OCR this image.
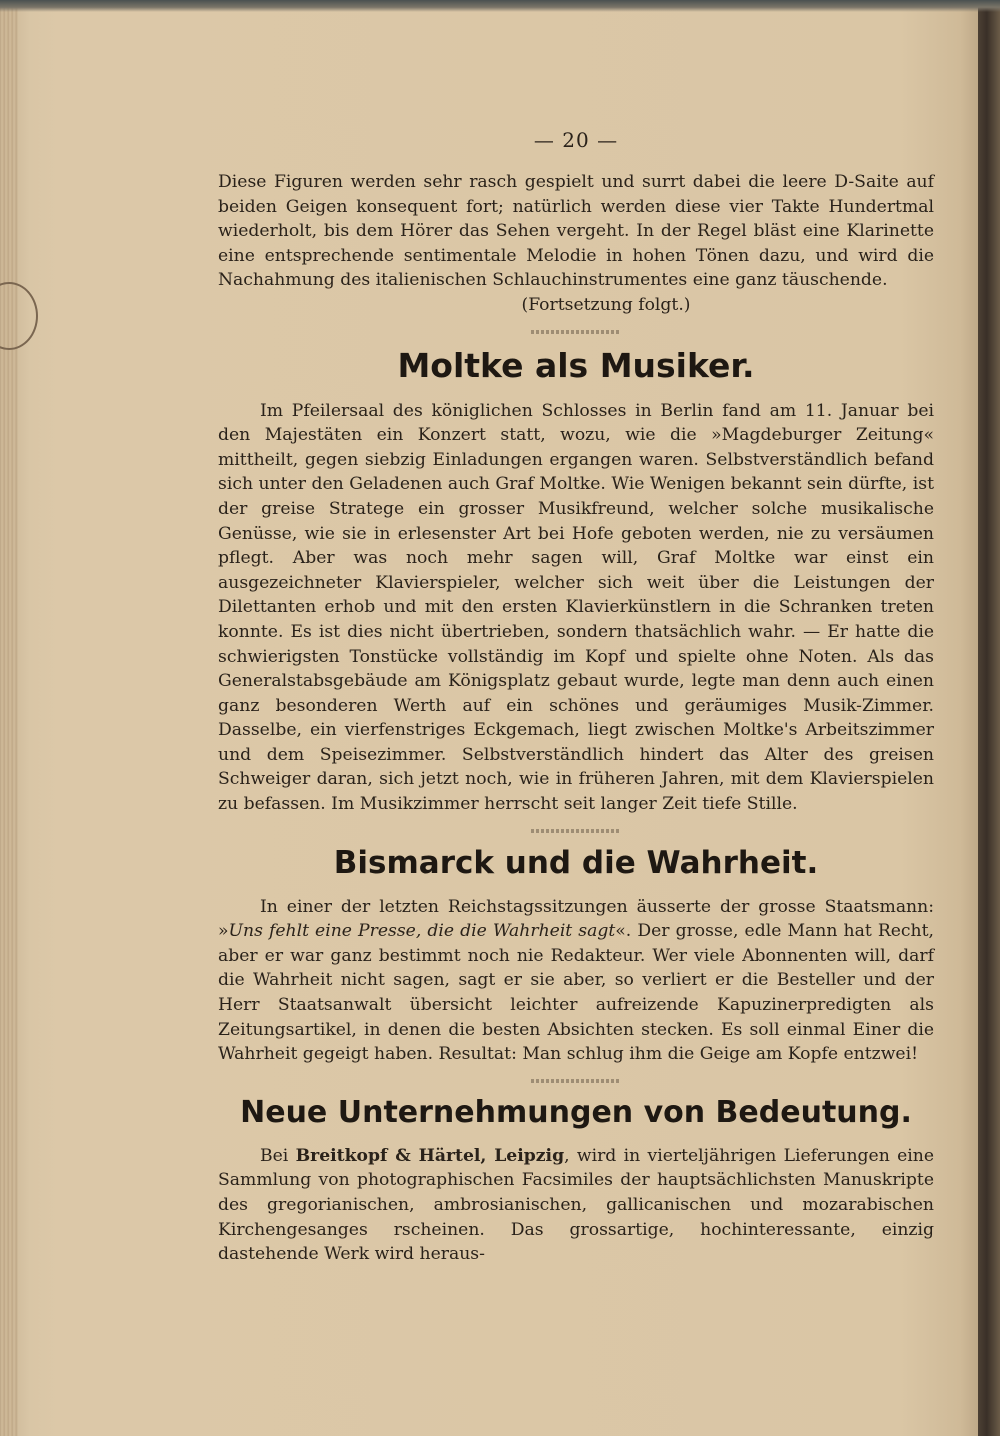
— 20 —

Diese Figuren werden sehr rasch gespielt und surrt dabei die leere D-Saite auf beiden Geigen konsequent fort; natürlich werden diese vier Takte Hundertmal wiederholt, bis dem Hörer das Sehen vergeht. In der Regel bläst eine Klarinette eine entsprechende sentimentale Melodie in hohen Tönen dazu, und wird die Nachahmung des italienischen Schlauchinstrumentes eine ganz täuschende.

(Fortsetzung folgt.)
Moltke als Musiker.

Im Pfeilersaal des königlichen Schlosses in Berlin fand am 11. Januar bei den Majestäten ein Konzert statt, wozu, wie die »Magdeburger Zeitung« mittheilt, gegen siebzig Einladungen ergangen waren. Selbstverständlich befand sich unter den Geladenen auch Graf Moltke. Wie Wenigen bekannt sein dürfte, ist der greise Stratege ein grosser Musikfreund, welcher solche musikalische Genüsse, wie sie in erlesenster Art bei Hofe geboten werden, nie zu versäumen pflegt. Aber was noch mehr sagen will, Graf Moltke war einst ein ausgezeichneter Klavierspieler, welcher sich weit über die Leistungen der Dilettanten erhob und mit den ersten Klavierkünstlern in die Schranken treten konnte. Es ist dies nicht übertrieben, sondern thatsächlich wahr. — Er hatte die schwierigsten Tonstücke vollständig im Kopf und spielte ohne Noten. Als das Generalstabsgebäude am Königsplatz gebaut wurde, legte man denn auch einen ganz besonderen Werth auf ein schönes und geräumiges Musik-Zimmer. Dasselbe, ein vierfenstriges Eckgemach, liegt zwischen Moltke's Arbeitszimmer und dem Speisezimmer. Selbstverständlich hindert das Alter des greisen Schweiger daran, sich jetzt noch, wie in früheren Jahren, mit dem Klavierspielen zu befassen. Im Musikzimmer herrscht seit langer Zeit tiefe Stille.

Bismarck und die Wahrheit.

In einer der letzten Reichstagssitzungen äusserte der grosse Staatsmann: »Uns fehlt eine Presse, die die Wahrheit sagt«. Der grosse, edle Mann hat Recht, aber er war ganz bestimmt noch nie Redakteur. Wer viele Abonnenten will, darf die Wahrheit nicht sagen, sagt er sie aber, so verliert er die Besteller und der Herr Staatsanwalt übersicht leichter aufreizende Kapuzinerpredigten als Zeitungsartikel, in denen die besten Absichten stecken. Es soll einmal Einer die Wahrheit gegeigt haben. Resultat: Man schlug ihm die Geige am Kopfe entzwei!

Neue Unternehmungen von Bedeutung.

Bei Breitkopf & Härtel, Leipzig, wird in vierteljährigen Lieferungen eine Sammlung von photographischen Facsimiles der hauptsächlichsten Manuskripte des gregorianischen, ambrosianischen, gallicanischen und mozarabischen Kirchengesanges rscheinen. Das grossartige, hochinteressante, einzig dastehende Werk wird heraus-
